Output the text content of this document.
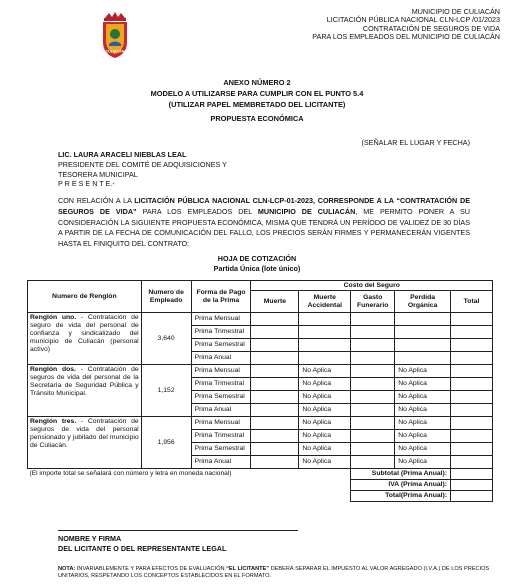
MUNICIPIO DE CULIACÁN
LICITACIÓN PÚBLICA NACIONAL CLN-LCP /01/2023
CONTRATACIÓN DE SEGUROS DE VIDA
PARA LOS EMPLEADOS DEL MUNICIPIO DE CULIACÁN
CULIACÁN
ANEXO NÚMERO 2
MODELO A UTILIZARSE PARA CUMPLIR CON EL PUNTO 5.4
(UTILIZAR PAPEL MEMBRETADO DEL LICITANTE)
PROPUESTA ECONÓMICA
(SEÑALAR EL LUGAR Y FECHA)
LIC. LAURA ARACELI NIEBLAS LEAL
PRESIDENTE DEL COMITÉ DE ADQUISICIONES Y
TESORERA MUNICIPAL
P R E S E N T E.-
CON RELACIÓN A LA LICITACIÓN PÚBLICA NACIONAL CLN-LCP-01-2023, CORRESPONDE A LA “CONTRATACIÓN DE SEGUROS DE VIDA” PARA LOS EMPLEADOS DEL MUNICIPIO DE CULIACÁN, ME PERMITO PONER A SU CONSIDERACIÓN LA SIGUIENTE PROPUESTA ECONÓMICA, MISMA QUE TENDRÁ UN PERÍODO DE VALIDEZ DE 30 DÍAS A PARTIR DE LA FECHA DE COMUNICACIÓN DEL FALLO, LOS PRECIOS SERÁN FIRMES Y PERMANECERÁN VIGENTES HASTA EL FINIQUITO DEL CONTRATO:
HOJA DE COTIZACIÓN
Partida Única (lote único)
Numero de Renglón	Numero de Empleado	Forma de Pago de la Prima	Costo del Seguro				
			Muerte	Muerte Accidental	Gasto Funerario	Perdida Orgánica	Total
Renglón uno. - Contratación de seguro de vida del personal de confianza y sindicalizado del municipio de Culiacán (personal activo)	3,640	Prima Mensual					
		Prima Trimestral					
		Prima Semestral					
		Prima Anual					
Renglón dos. - Contratación de seguros de vida del personal de la Secretaría de Seguridad Pública y Tránsito Municipal.	1,152	Prima Mensual		No Aplica		No Aplica	
		Prima Trimestral		No Aplica		No Aplica	
		Prima Semestral		No Aplica		No Aplica	
		Prima Anual		No Aplica		No Aplica	
Renglón tres. - Contratación de seguros de vida del personal pensionado y jubilado del municipio de Culiacán.	1,956	Prima Mensual		No Aplica		No Aplica	
		Prima Trimestral		No Aplica		No Aplica	
		Prima Semestral		No Aplica		No Aplica	
		Prima Anual		No Aplica		No Aplica	
(El importe total se señalará con número y letra en moneda nacional)					Subtotal (Prima Anual):		
					IVA (Prima Anual):		
					Total(Prima Anual):		
NOMBRE Y FIRMA
DEL LICITANTE O DEL REPRESENTANTE LEGAL
NOTA: INVARIABLEMENTE Y PARA EFECTOS DE EVALUACIÓN “EL LICITANTE” DEBERÁ SEPARAR EL IMPUESTO AL VALOR AGREGADO (I.V.A.) DE LOS PRECIOS UNITARIOS, RESPETANDO LOS CONCEPTOS ESTABLECIDOS EN EL FORMATO.
